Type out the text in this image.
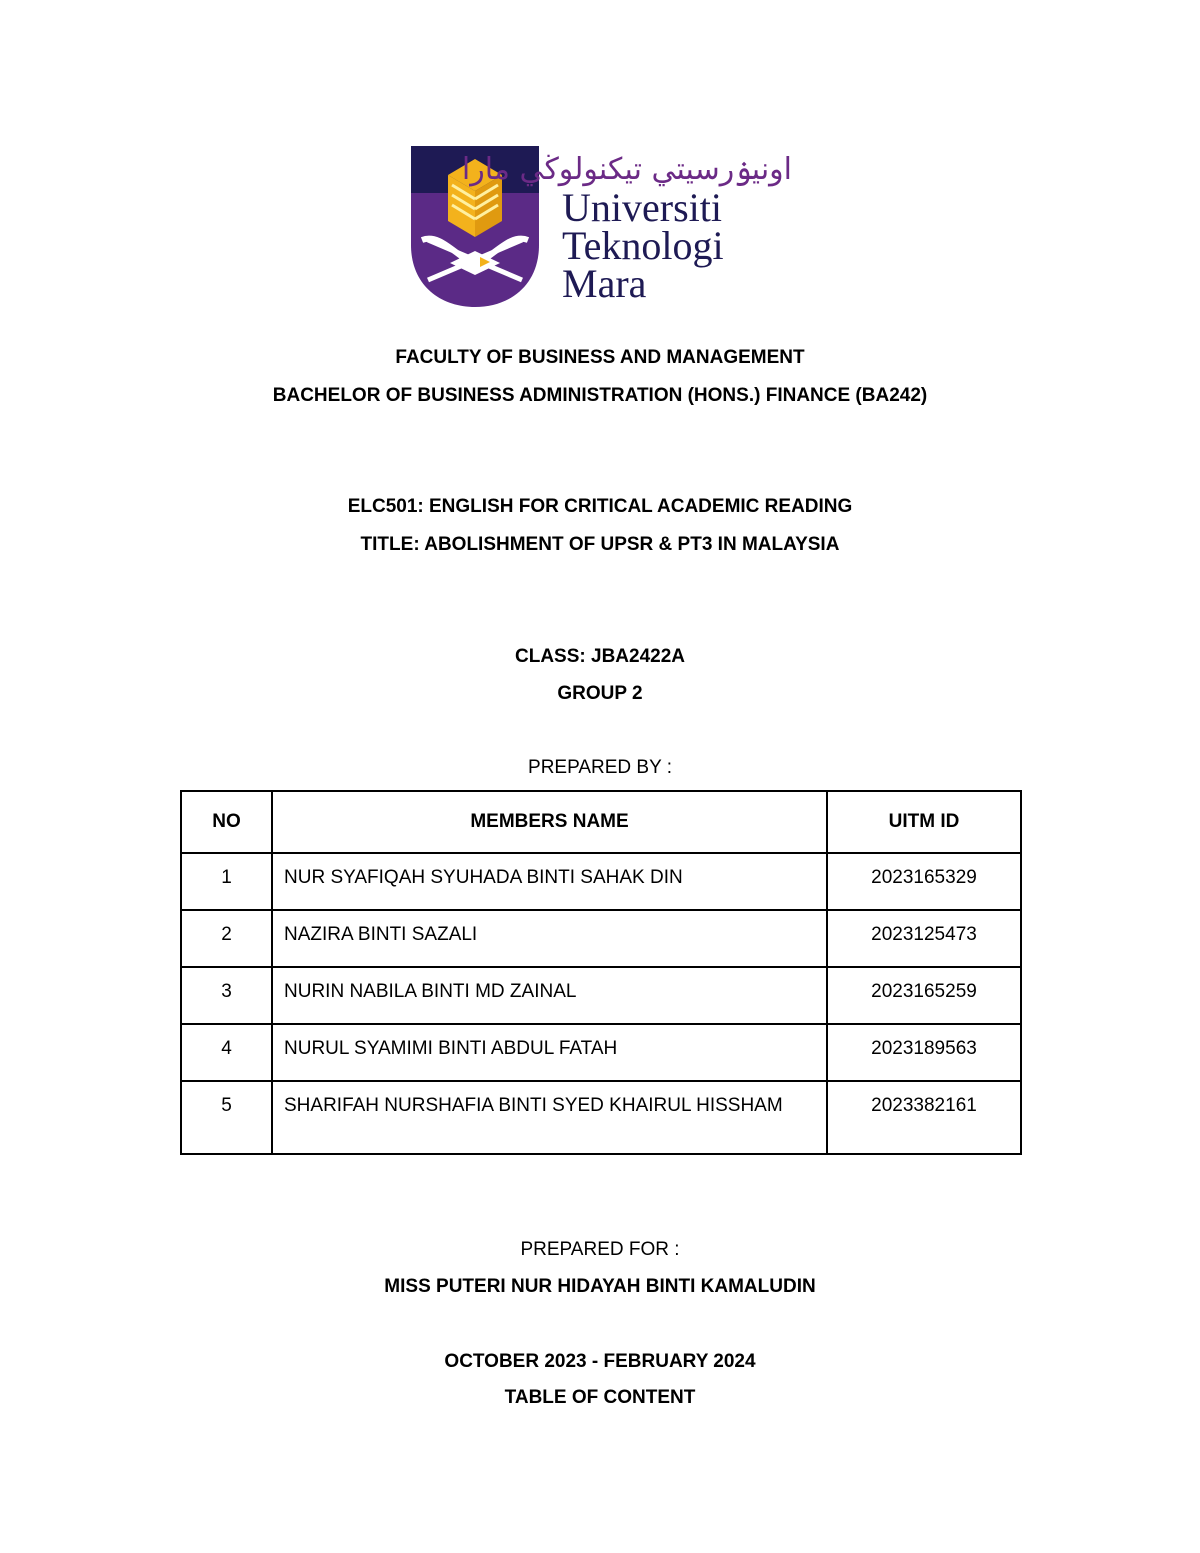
اونيۏرسيتي تيكنولوڬي مارا
Universiti
Teknologi
Mara
FACULTY OF BUSINESS AND MANAGEMENT
BACHELOR OF BUSINESS ADMINISTRATION (HONS.) FINANCE (BA242)
ELC501: ENGLISH FOR CRITICAL ACADEMIC READING
TITLE: ABOLISHMENT OF UPSR & PT3 IN MALAYSIA
CLASS: JBA2422A
GROUP 2
PREPARED BY :
NO	MEMBERS NAME	UITM ID
1	NUR SYAFIQAH SYUHADA BINTI SAHAK DIN	2023165329
2	NAZIRA BINTI SAZALI	2023125473
3	NURIN NABILA BINTI MD ZAINAL	2023165259
4	NURUL SYAMIMI BINTI ABDUL FATAH	2023189563
5	SHARIFAH NURSHAFIA BINTI SYED KHAIRUL HISSHAM	2023382161
PREPARED FOR :
MISS PUTERI NUR HIDAYAH BINTI KAMALUDIN
OCTOBER 2023 - FEBRUARY 2024
TABLE OF CONTENT
